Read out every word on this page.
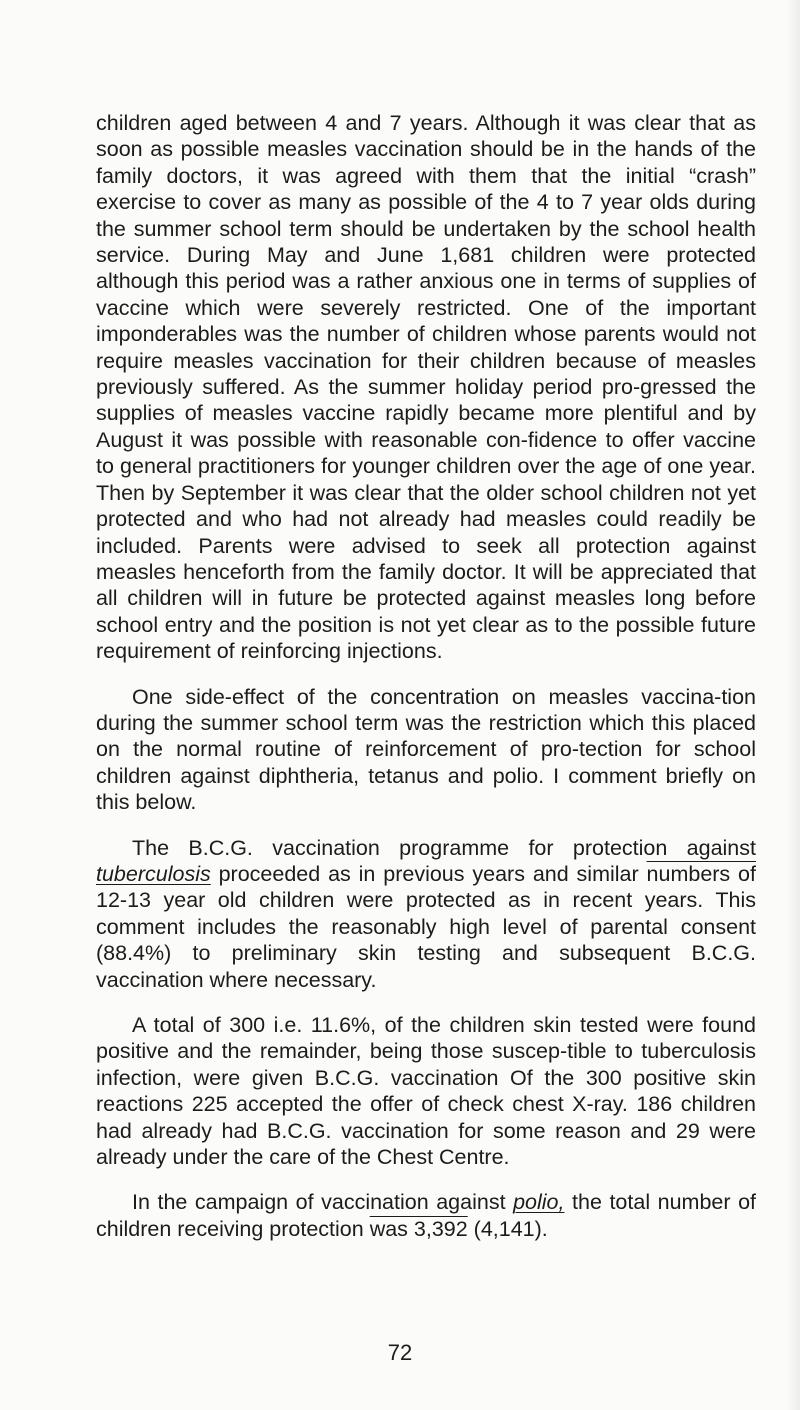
children aged between 4 and 7 years. Although it was clear that as soon as possible measles vaccination should be in the hands of the family doctors, it was agreed with them that the initial “crash” exercise to cover as many as possible of the 4 to 7 year olds during the summer school term should be undertaken by the school health service. During May and June 1,681 children were protected although this period was a rather anxious one in terms of supplies of vaccine which were severely restricted. One of the important imponderables was the number of children whose parents would not require measles vaccination for their children because of measles previously suffered. As the summer holiday period pro-gressed the supplies of measles vaccine rapidly became more plentiful and by August it was possible with reasonable con-fidence to offer vaccine to general practitioners for younger children over the age of one year. Then by September it was clear that the older school children not yet protected and who had not already had measles could readily be included. Parents were advised to seek all protection against measles henceforth from the family doctor. It will be appreciated that all children will in future be protected against measles long before school entry and the position is not yet clear as to the possible future requirement of reinforcing injections.

One side-effect of the concentration on measles vaccina-tion during the summer school term was the restriction which this placed on the normal routine of reinforcement of pro-tection for school children against diphtheria, tetanus and polio. I comment briefly on this below.

The B.C.G. vaccination programme for protection against tuberculosis proceeded as in previous years and similar numbers of 12-13 year old children were protected as in recent years. This comment includes the reasonably high level of parental consent (88.4%) to preliminary skin testing and subsequent B.C.G. vaccination where necessary.

A total of 300 i.e. 11.6%, of the children skin tested were found positive and the remainder, being those suscep-tible to tuberculosis infection, were given B.C.G. vaccination Of the 300 positive skin reactions 225 accepted the offer of check chest X-ray. 186 children had already had B.C.G. vaccination for some reason and 29 were already under the care of the Chest Centre.

In the campaign of vaccination against polio, the total number of children receiving protection was 3,392 (4,141).

72
